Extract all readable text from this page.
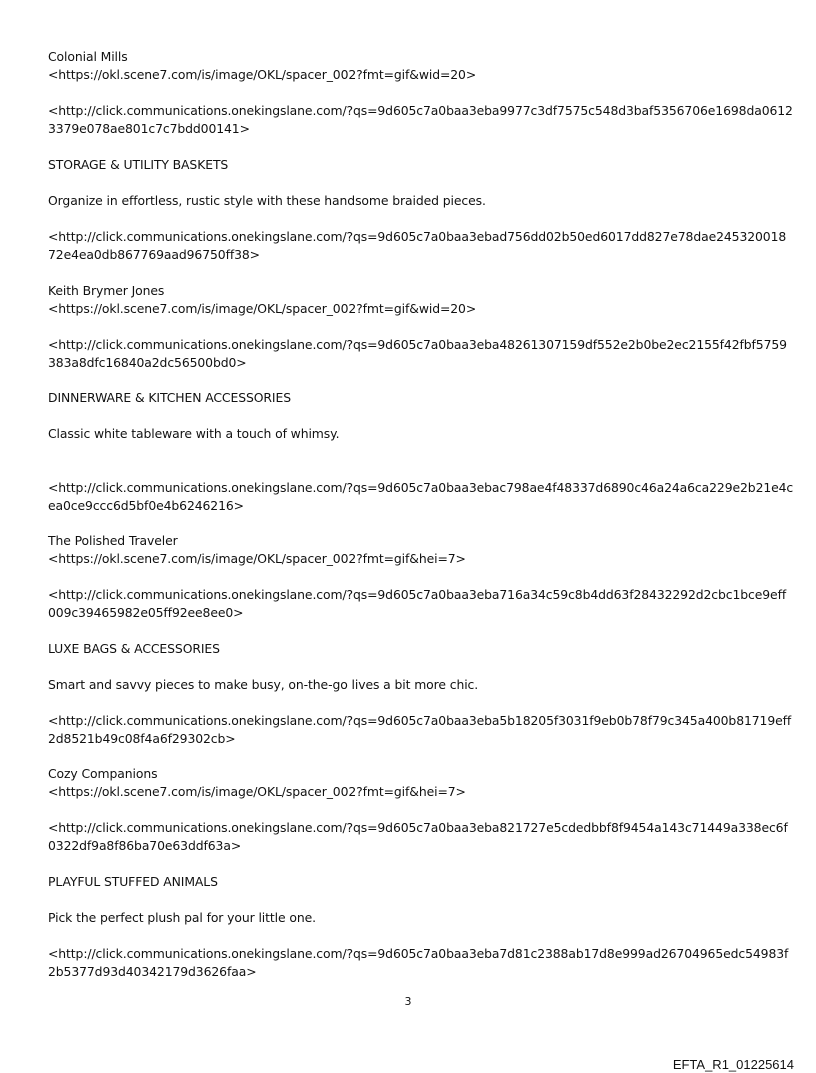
Colonial Mills
<https://okl.scene7.com/is/image/OKL/spacer_002?fmt=gif&wid=20>
<http://click.communications.onekingslane.com/?qs=9d605c7a0baa3eba9977c3df7575c548d3baf5356706e1698da0612
3379e078ae801c7c7bdd00141>
STORAGE & UTILITY BASKETS
Organize in effortless, rustic style with these handsome braided pieces.
<http://click.communications.onekingslane.com/?qs=9d605c7a0baa3ebad756dd02b50ed6017dd827e78dae245320018
72e4ea0db867769aad96750ff38>
Keith Brymer Jones
<https://okl.scene7.com/is/image/OKL/spacer_002?fmt=gif&wid=20>
<http://click.communications.onekingslane.com/?qs=9d605c7a0baa3eba48261307159df552e2b0be2ec2155f42fbf5759
383a8dfc16840a2dc56500bd0>
DINNERWARE & KITCHEN ACCESSORIES
Classic white tableware with a touch of whimsy.
<http://click.communications.onekingslane.com/?qs=9d605c7a0baa3ebac798ae4f48337d6890c46a24a6ca229e2b21e4c
ea0ce9ccc6d5bf0e4b6246216>
The Polished Traveler
<https://okl.scene7.com/is/image/OKL/spacer_002?fmt=gif&hei=7>
<http://click.communications.onekingslane.com/?qs=9d605c7a0baa3eba716a34c59c8b4dd63f28432292d2cbc1bce9eff
009c39465982e05ff92ee8ee0>
LUXE BAGS & ACCESSORIES
Smart and savvy pieces to make busy, on-the-go lives a bit more chic.
<http://click.communications.onekingslane.com/?qs=9d605c7a0baa3eba5b18205f3031f9eb0b78f79c345a400b81719eff
2d8521b49c08f4a6f29302cb>
Cozy Companions
<https://okl.scene7.com/is/image/OKL/spacer_002?fmt=gif&hei=7>
<http://click.communications.onekingslane.com/?qs=9d605c7a0baa3eba821727e5cdedbbf8f9454a143c71449a338ec6f
0322df9a8f86ba70e63ddf63a>
PLAYFUL STUFFED ANIMALS
Pick the perfect plush pal for your little one.
<http://click.communications.onekingslane.com/?qs=9d605c7a0baa3eba7d81c2388ab17d8e999ad26704965edc54983f
2b5377d93d40342179d3626faa>
3
EFTA_R1_01225614
